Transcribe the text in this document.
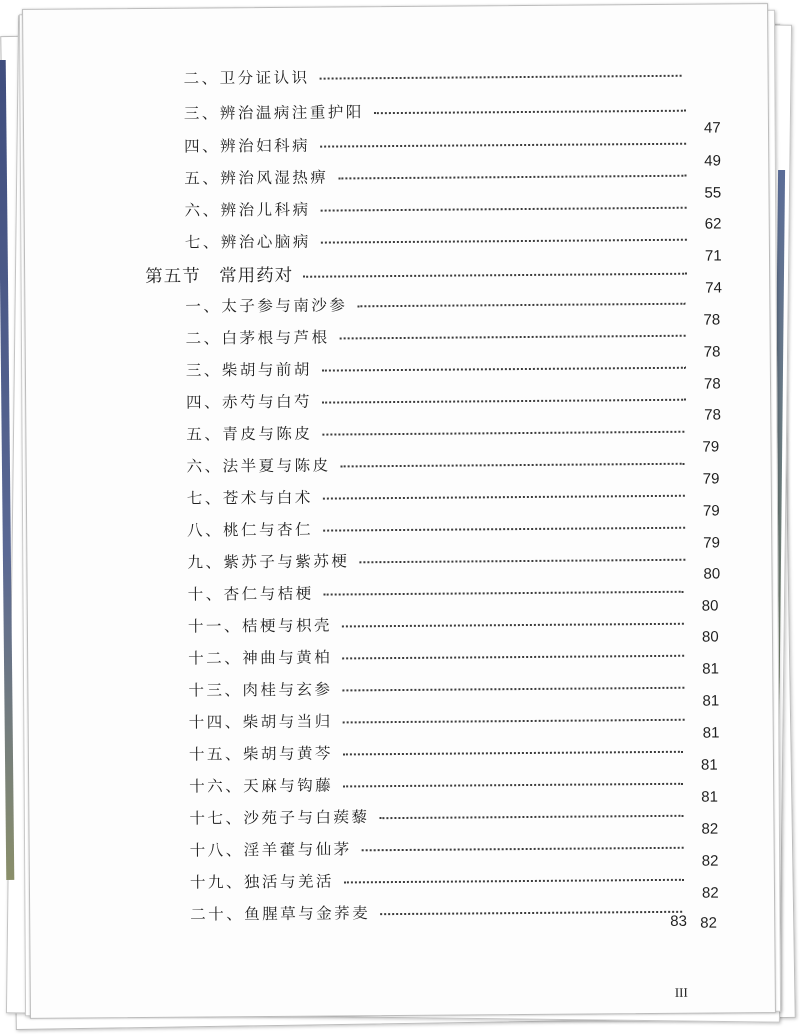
二、卫分证认识
三、辨治温病注重护阳
47
四、辨治妇科病
49
五、辨治风湿热痹
55
六、辨治儿科病
62
七、辨治心脑病
71
第五节　常用药对
74
一、太子参与南沙参
78
二、白茅根与芦根
78
三、柴胡与前胡
78
四、赤芍与白芍
78
五、青皮与陈皮
79
六、法半夏与陈皮
79
七、苍术与白术
79
八、桃仁与杏仁
79
九、紫苏子与紫苏梗
80
十、杏仁与桔梗
80
十一、桔梗与枳壳
80
十二、神曲与黄柏
81
十三、肉桂与玄参
81
十四、柴胡与当归
81
十五、柴胡与黄芩
81
十六、天麻与钩藤
81
十七、沙苑子与白蒺藜
82
十八、淫羊藿与仙茅
82
十九、独活与羌活
82
二十、鱼腥草与金荞麦	82
83
III
